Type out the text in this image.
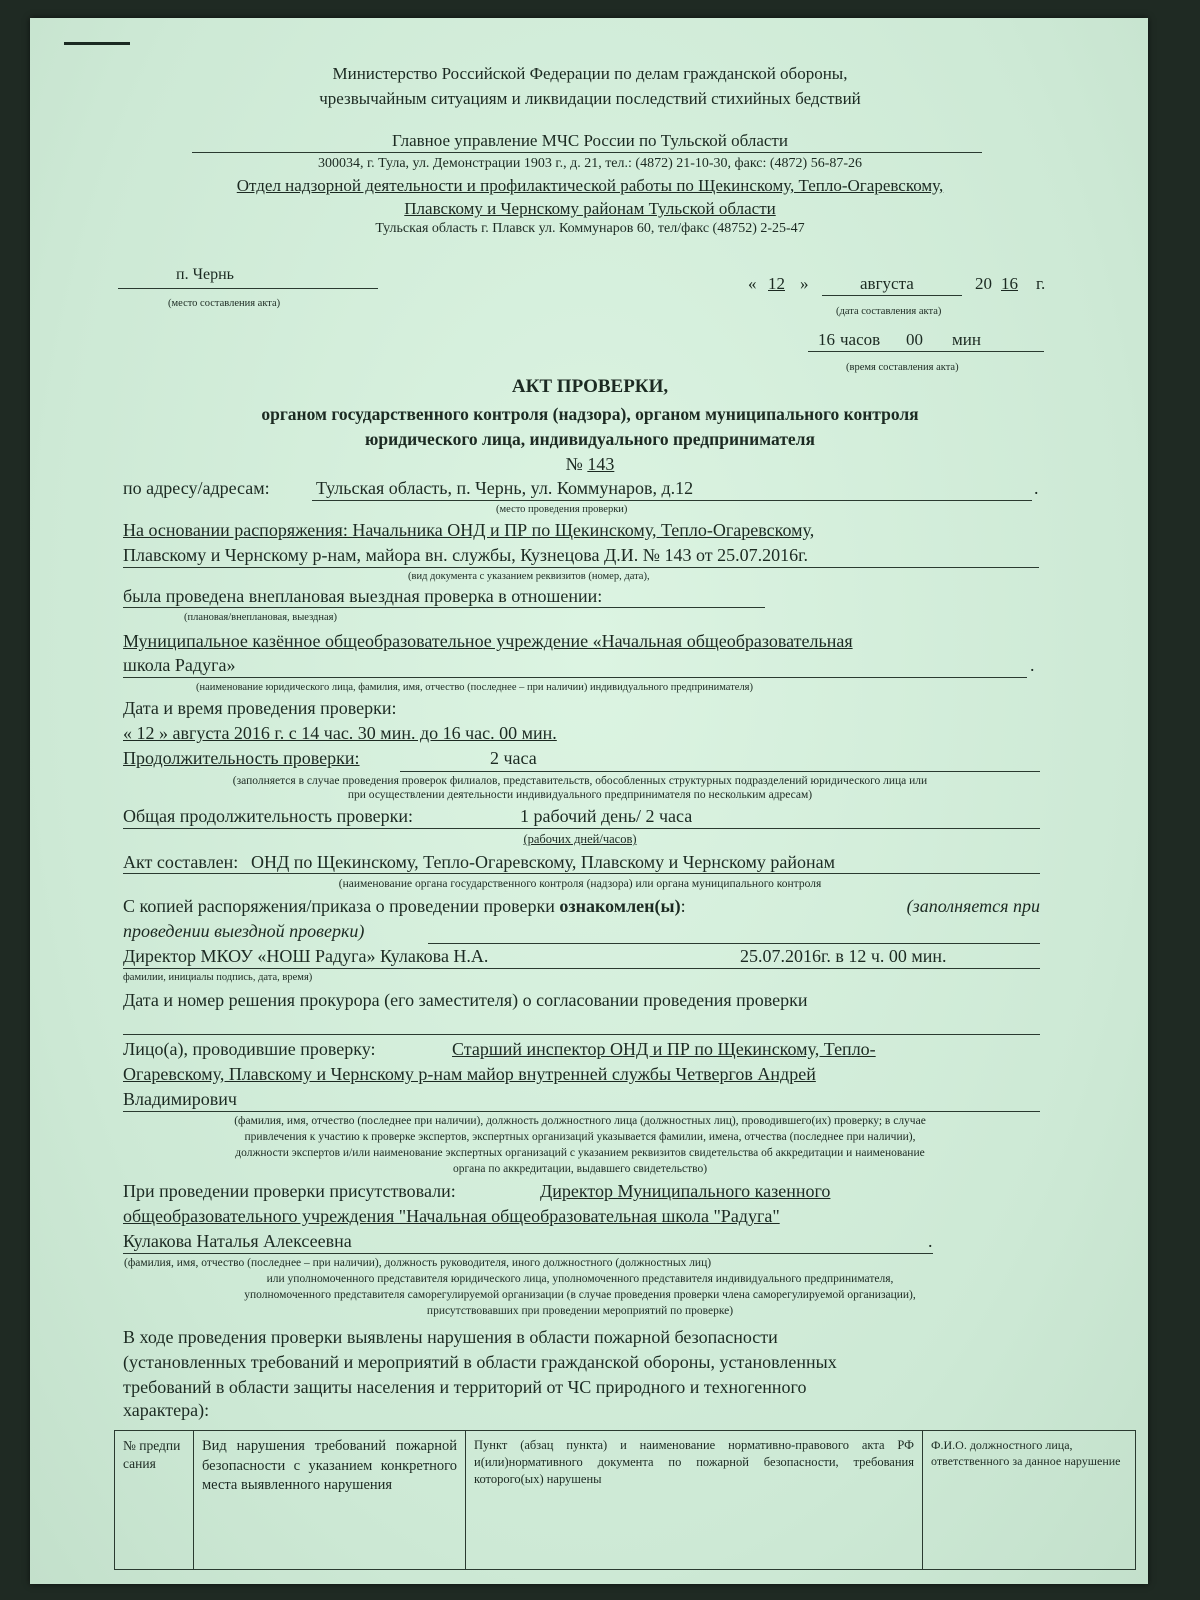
Министерство Российской Федерации по делам гражданской обороны,
чрезвычайным ситуациям и ликвидации последствий стихийных бедствий
Главное управление МЧС России по Тульской области
300034, г. Тула, ул. Демонстрации 1903 г., д. 21, тел.: (4872) 21-10-30, факс: (4872) 56-87-26
Отдел надзорной деятельности и профилактической работы по Щекинскому, Тепло-Огаревскому,
Плавскому и Чернскому районам Тульской области
Тульская область г. Плавск ул. Коммунаров 60, тел/факс (48752) 2-25-47
п. Чернь
(место составления акта)
« 12 »	августа	20 16 г.
(дата составления акта)
16 часов 00 мин
(время составления акта)
АКТ ПРОВЕРКИ,
органом государственного контроля (надзора), органом муниципального контроля
юридического лица, индивидуального предпринимателя
№ 143
по адресу/адресам:	Тульская область, п. Чернь, ул. Коммунаров, д.12	.
(место проведения проверки)
На основании распоряжения: Начальника ОНД и ПР по Щекинскому, Тепло-Огаревскому,
Плавскому и Чернскому р-нам, майора вн. службы, Кузнецова Д.И. № 143 от 25.07.2016г.
(вид документа с указанием реквизитов (номер, дата),
была проведена внеплановая выездная проверка в отношении:
(плановая/внеплановая, выездная)
Муниципальное казённое общеобразовательное учреждение «Начальная общеобразовательная
школа Радуга»	.
(наименование юридического лица, фамилия, имя, отчество (последнее – при наличии) индивидуального предпринимателя)
Дата и время проведения проверки:
« 12 » августа 2016 г. с 14 час. 30 мин. до 16 час. 00 мин.
Продолжительность проверки:	2 часа
(заполняется в случае проведения проверок филиалов, представительств, обособленных структурных подразделений юридического лица или
при осуществлении деятельности индивидуального предпринимателя по нескольким адресам)
Общая продолжительность проверки:	1 рабочий день/ 2 часа
(рабочих дней/часов)
Акт составлен: ОНД по Щекинскому, Тепло-Огаревскому, Плавскому и Чернскому районам
(наименование органа государственного контроля (надзора) или органа муниципального контроля
С копией распоряжения/приказа о проведении проверки ознакомлен(ы):	(заполняется при
проведении выездной проверки)
Директор МКОУ «НОШ Радуга» Кулакова Н.А.	25.07.2016г. в 12 ч. 00 мин.
фамилии, инициалы подпись, дата, время)
Дата и номер решения прокурора (его заместителя) о согласовании проведения проверки
Лицо(а), проводившие проверку:	Старший инспектор ОНД и ПР по Щекинскому, Тепло-
Огаревскому, Плавскому и Чернскому р-нам майор внутренней службы Четвергов Андрей
Владимирович
(фамилия, имя, отчество (последнее при наличии), должность должностного лица (должностных лиц), проводившего(их) проверку; в случае
привлечения к участию к проверке экспертов, экспертных организаций указывается фамилии, имена, отчества (последнее при наличии),
должности экспертов и/или наименование экспертных организаций с указанием реквизитов свидетельства об аккредитации и наименование
органа по аккредитации, выдавшего свидетельство)
При проведении проверки присутствовали:	Директор Муниципального казенного
общеобразовательного учреждения "Начальная общеобразовательная школа "Радуга"
Кулакова Наталья Алексеевна	.
(фамилия, имя, отчество (последнее – при наличии), должность руководителя, иного должностного (должностных лиц)
или уполномоченного представителя юридического лица, уполномоченного представителя индивидуального предпринимателя,
уполномоченного представителя саморегулируемой организации (в случае проведения проверки члена саморегулируемой организации),
присутствовавших при проведении мероприятий по проверке)
В ходе проведения проверки выявлены нарушения в области пожарной безопасности
(установленных требований и мероприятий в области гражданской обороны, установленных
требований в области защиты населения и территорий от ЧС природного и техногенного
характера):
№ предпи сания	Вид нарушения требований пожарной безопасности с указанием конкретного места выявленного нарушения	Пункт (абзац пункта) и наименование нормативно-правового акта РФ и(или)нормативного документа по пожарной безопасности, требования которого(ых) нарушены	Ф.И.О. должностного лица, ответственного за данное нарушение
